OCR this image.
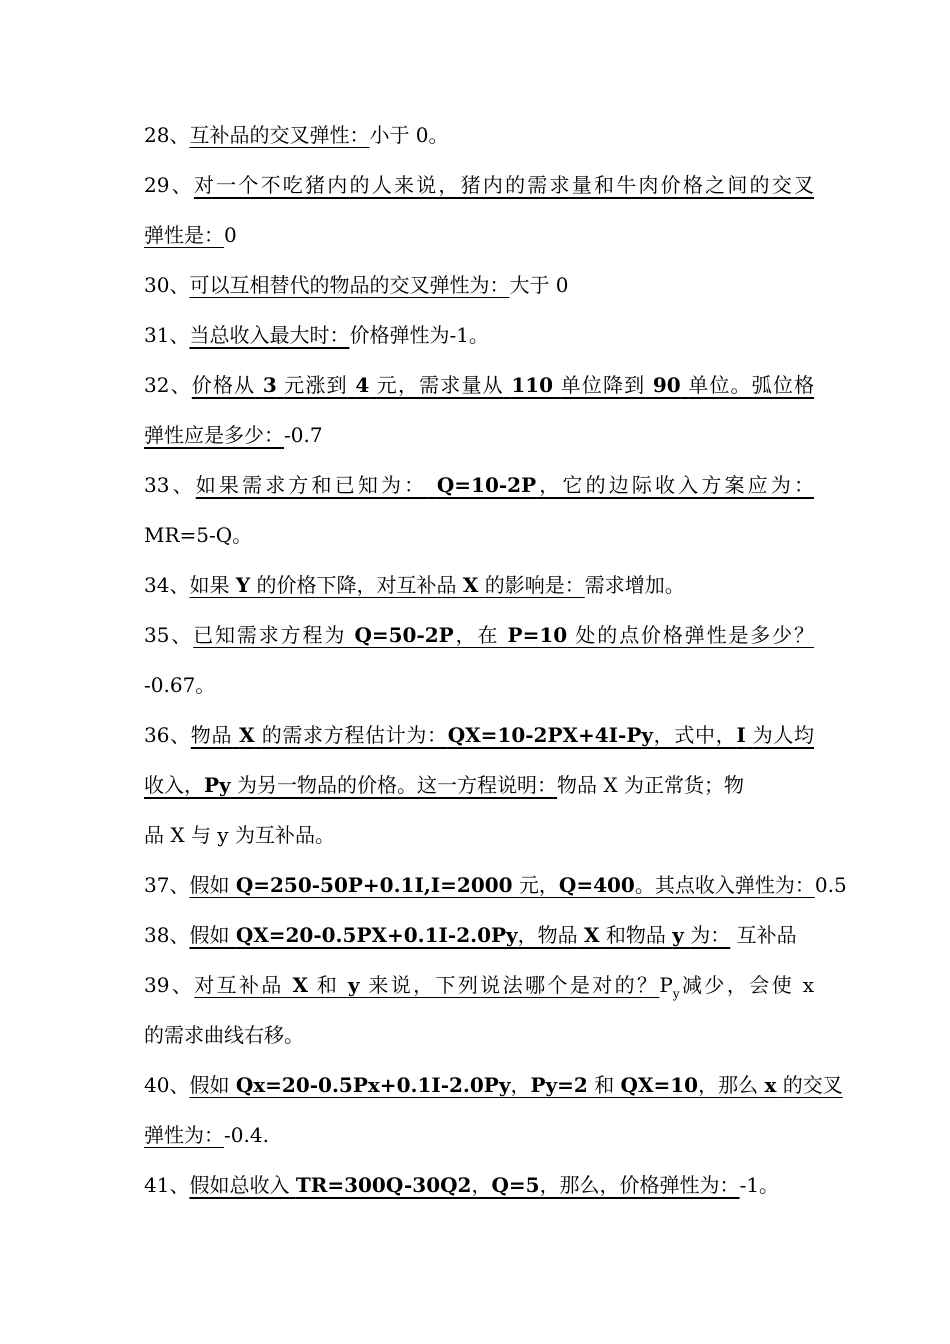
28、互补品的交叉弹性：小于 0。
29、对一个不吃猪内的人来说，猪内的需求量和牛肉价格之间的交叉
弹性是：0
30、可以互相替代的物品的交叉弹性为：大于 0
31、当总收入最大时：价格弹性为-1。
32、价格从 3 元涨到 4 元，需求量从 110 单位降到 90 单位。弧位格
弹性应是多少：-0.7
33、如果需求方和已知为： Q=10-2P，它的边际收入方案应为：
MR=5-Q。
34、如果 Y 的价格下降，对互补品 X 的影响是：需求增加。
35、已知需求方程为 Q=50-2P，在 P=10 处的点价格弹性是多少？
-0.67。
36、物品 X 的需求方程估计为：QX=10-2PX+4I-Py，式中，I 为人均
收入，Py 为另一物品的价格。这一方程说明：物品 X 为正常货；物
品 X 与 y 为互补品。
37、假如 Q=250-50P+0.1I,I=2000 元，Q=400。其点收入弹性为：0.5
38、假如 QX=20-0.5PX+0.1I-2.0Py，物品 X 和物品 y 为： 互补品
39、对互补品 X 和 y 来说，下列说法哪个是对的？$P_y$减少，会使 x
的需求曲线右移。
40、假如 Qx=20-0.5Px+0.1I-2.0Py，Py=2 和 QX=10，那么 x 的交叉
弹性为：-0.4.
41、假如总收入 TR=300Q-30Q2，Q=5，那么，价格弹性为：-1。
